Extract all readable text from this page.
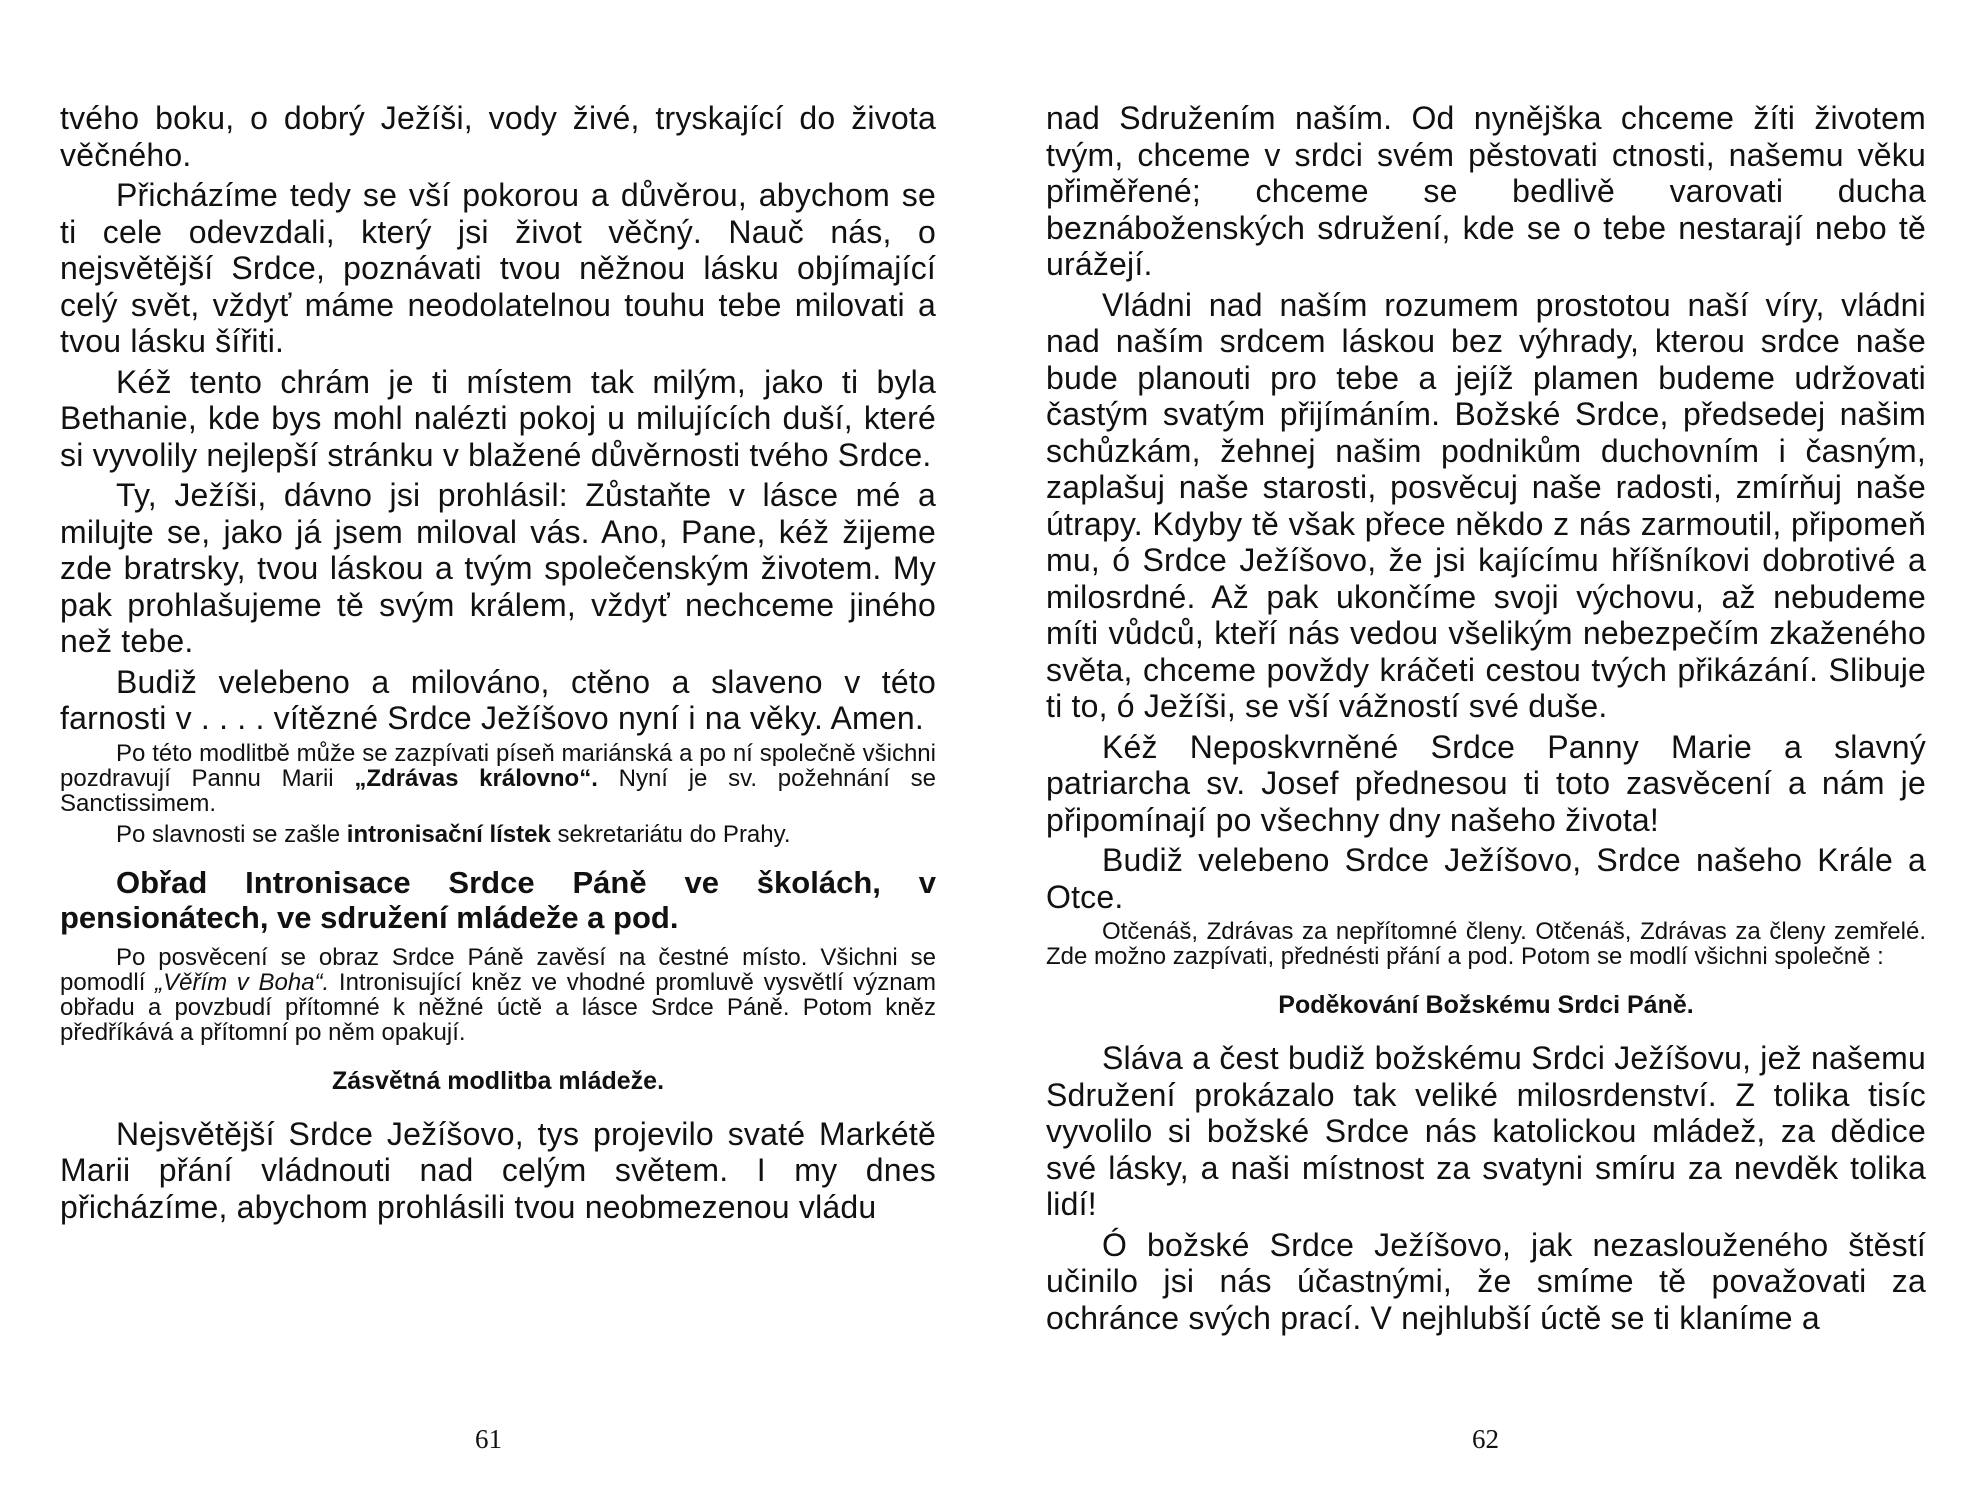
tvého boku, o dobrý Ježíši, vody živé, tryskající do života věčného.

Přicházíme tedy se vší pokorou a důvěrou, abychom se ti cele odevzdali, který jsi život věčný. Nauč nás, o nejsvětější Srdce, poznávati tvou něžnou lásku objímající celý svět, vždyť máme neodolatelnou touhu tebe milovati a tvou lásku šířiti.

Kéž tento chrám je ti místem tak milým, jako ti byla Bethanie, kde bys mohl nalézti pokoj u milujících duší, které si vyvolily nejlepší stránku v blažené důvěrnosti tvého Srdce.

Ty, Ježíši, dávno jsi prohlásil: Zůstaňte v lásce mé a milujte se, jako já jsem miloval vás. Ano, Pane, kéž žijeme zde bratrsky, tvou láskou a tvým společenským životem. My pak prohlašujeme tě svým králem, vždyť nechceme jiného než tebe.

Budiž velebeno a milováno, ctěno a slaveno v této farnosti v . . . . vítězné Srdce Ježíšovo nyní i na věky. Amen.

Po této modlitbě může se zazpívati píseň mariánská a po ní společně všichni pozdravují Pannu Marii „Zdrávas královno“. Nyní je sv. požehnání se Sanctissimem.

Po slavnosti se zašle intronisační lístek sekretariátu do Prahy.

Obřad Intronisace Srdce Páně ve školách, v pensionátech, ve sdružení mládeže a pod.

Po posvěcení se obraz Srdce Páně zavěsí na čestné místo. Všichni se pomodlí „Věřím v Boha“. Intronisující kněz ve vhodné promluvě vysvětlí význam obřadu a povzbudí přítomné k něžné úctě a lásce Srdce Páně. Potom kněz předříkává a přítomní po něm opakují.

Zásvětná modlitba mládeže.

Nejsvětější Srdce Ježíšovo, tys projevilo svaté Markétě Marii přání vládnouti nad celým světem. I my dnes přicházíme, abychom prohlásili tvou neobmezenou vládu

61

nad Sdružením naším. Od nynějška chceme žíti životem tvým, chceme v srdci svém pěstovati ctnosti, našemu věku přiměřené; chceme se bedlivě varovati ducha beznáboženských sdružení, kde se o tebe nestarají nebo tě urážejí.

Vládni nad naším rozumem prostotou naší víry, vládni nad naším srdcem láskou bez výhrady, kterou srdce naše bude planouti pro tebe a jejíž plamen budeme udržovati častým svatým přijímáním. Božské Srdce, předsedej našim schůzkám, žehnej našim podnikům duchovním i časným, zaplašuj naše starosti, posvěcuj naše radosti, zmírňuj naše útrapy. Kdyby tě však přece někdo z nás zarmoutil, připomeň mu, ó Srdce Ježíšovo, že jsi kajícímu hříšníkovi dobrotivé a milosrdné. Až pak ukončíme svoji výchovu, až nebudeme míti vůdců, kteří nás vedou všelikým nebezpečím zkaženého světa, chceme povždy kráčeti cestou tvých přikázání. Slibuje ti to, ó Ježíši, se vší vážností své duše.

Kéž Neposkvrněné Srdce Panny Marie a slavný patriarcha sv. Josef přednesou ti toto zasvěcení a nám je připomínají po všechny dny našeho života!

Budiž velebeno Srdce Ježíšovo, Srdce našeho Krále a Otce.

Otčenáš, Zdrávas za nepřítomné členy. Otčenáš, Zdrávas za členy zemřelé. Zde možno zazpívati, přednésti přání a pod. Potom se modlí všichni společně :

Poděkování Božskému Srdci Páně.

Sláva a čest budiž božskému Srdci Ježíšovu, jež našemu Sdružení prokázalo tak veliké milosrdenství. Z tolika tisíc vyvolilo si božské Srdce nás katolickou mládež, za dědice své lásky, a naši místnost za svatyni smíru za nevděk tolika lidí!

Ó božské Srdce Ježíšovo, jak nezaslouženého štěstí učinilo jsi nás účastnými, že smíme tě považovati za ochránce svých prací. V nejhlubší úctě se ti klaníme a

62
